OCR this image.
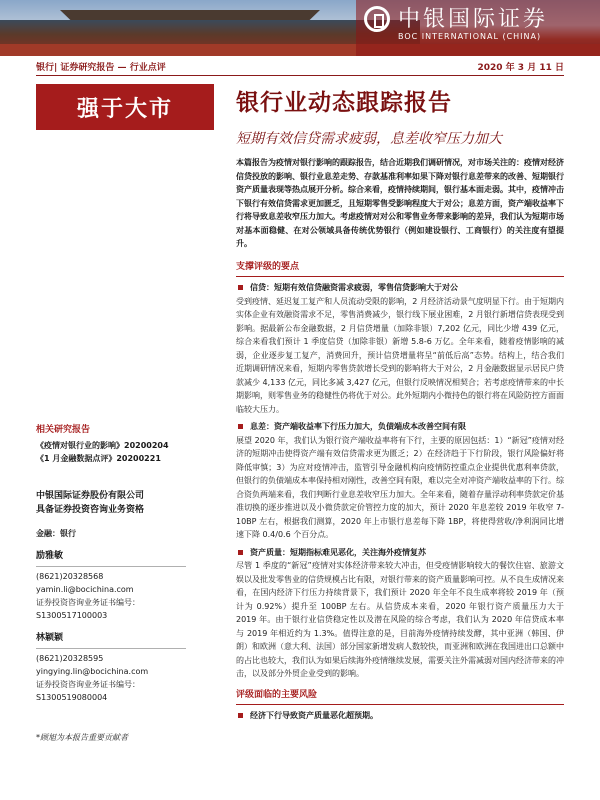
中银国际证券
BOC INTERNATIONAL (CHINA)
银行| 证券研究报告 — 行业点评	2020 年 3 月 11 日
强于大市	银行业动态跟踪报告
短期有效信贷需求疲弱，息差收窄压力加大
本篇报告为疫情对银行影响的跟踪报告，结合近期我们调研情况，对市场关注的：疫情对经济信贷投放的影响、银行业息差走势、存款基准利率如果下降对银行息差带来的改善、短期银行资产质量表现等热点展开分析。综合来看，疫情持续期间，银行基本面走弱。其中，疫情冲击下银行有效信贷需求更加匮乏，且短期零售受影响程度大于对公；息差方面，资产端收益率下行将导致息差收窄压力加大。考虑疫情对对公和零售业务带来影响的差异，我们认为短期市场对基本面稳健、在对公领域具备传统优势银行（例如建设银行、工商银行）的关注度有望提升。
支撑评级的要点
信贷：短期有效信贷融资需求疲弱，零售信贷影响大于对公
受到疫情、延迟复工复产和人员流动受限的影响，2 月经济活动景气度明显下行。由于短期内实体企业有效融资需求不足，零售消费减少，银行线下展业困难，2 月银行新增信贷表现受到影响。据最新公布金融数据，2 月信贷增量（加除非银）7,202 亿元，同比少增 439 亿元，综合来看我们预计 1 季度信贷（加除非银）新增 5.8-6 万亿。全年来看，随着疫情影响的减弱，企业逐步复工复产，消费回升，预计信贷增量将呈“前低后高”态势。结构上，结合我们近期调研情况来看，短期内零售贷款增长受到的影响将大于对公，2 月金融数据显示居民户贷款减少 4,133 亿元，同比多减 3,427 亿元，但银行反映情况相契合；若考虑疫情带来的中长期影响，则零售业务的稳健性仍将优于对公。此外短期内小微持色的银行将在风险防控方面面临较大压力。
息差：资产端收益率下行压力加大，负债端成本改善空间有限
展望 2020 年，我们认为银行资产端收益率将有下行，主要的原因包括：1）“新冠”疫情对经济的短期冲击使得资产端有效信贷需求更为匮乏；2）在经济趋于下行阶段，银行风险偏好将降低审慎；3）为应对疫情冲击，监管引导金融机构向疫情防控重点企业提供优惠利率贷款，但银行的负债端成本率保持相对刚性，改善空间有限，难以完全对冲资产端收益率的下行。综合资负两端来看，我们判断行业息差收窄压力加大。全年来看，随着存量浮动利率贷款定价基准切换的逐步推进以及小微贷款定价管控力度的加大，预计 2020 年息差较 2019 年收窄 7-10BP 左右，根据我们测算，2020 年上市银行息差每下降 1BP，将使得营收/净利润同比增速下降 0.4/0.6 个百分点。
资产质量：短期指标难见恶化，关注海外疫情复苏
尽管 1 季度的“新冠”疫情对实体经济带来较大冲击，但受疫情影响较大的餐饮住宿、旅游文娱以及批发零售业的信贷规模占比有限，对银行带来的资产质量影响可控。从不良生成情况来看，在国内经济下行压力持续背景下，我们预计 2020 年全年不良生成率将较 2019 年（预计为 0.92%）提升至 100BP 左右。从信贷成本来看，2020 年银行资产质量压力大于 2019 年。由于银行业信贷稳定性以及潜在风险的综合考虑，我们认为 2020 年信贷成本率与 2019 年相近约为 1.3%。值得注意的是，目前海外疫情持续发酵，其中亚洲（韩国、伊朗）和欧洲（意大利、法国）部分国家新增发病人数较快，而亚洲和欧洲在我国进出口总额中的占比也较大，我们认为如果后续海外疫情继续发展，需要关注外需减弱对国内经济带来的冲击，以及部分外贸企业受到的影响。
评级面临的主要风险
经济下行导致资产质量恶化超预期。
相关研究报告
《疫情对银行业的影响》20200204
《1 月金融数据点评》20200221
中银国际证券股份有限公司
具备证券投资咨询业务资格
金融：银行
励雅敏
(8621)20328568
yamin.li@bocichina.com
证券投资咨询业务证书编号：
S1300517100003
林颖颖
(8621)20328595
yingying.lin@bocichina.com
证券投资咨询业务证书编号：
S1300519080004
*顾旭为本报告重要贡献者
